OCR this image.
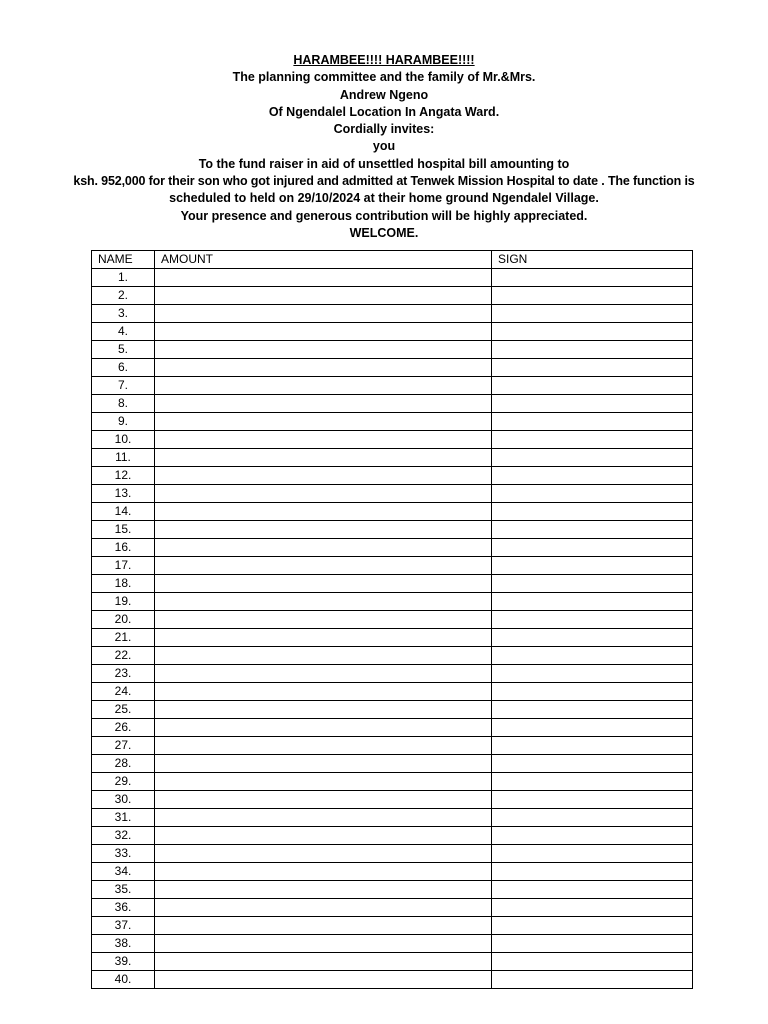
HARAMBEE!!!! HARAMBEE!!!!
The planning committee and the family of Mr.&Mrs.
Andrew Ngeno
Of Ngendalel Location In Angata Ward.
Cordially invites:
you
To the fund raiser in aid of unsettled hospital bill amounting to
ksh. 952,000 for their son who got injured and admitted at Tenwek Mission Hospital to date . The function is
scheduled to held on 29/10/2024 at their home ground Ngendalel Village.
Your presence and generous contribution will be highly appreciated.
WELCOME.
NAME	AMOUNT	SIGN
1.		
2.		
3.		
4.		
5.		
6.		
7.		
8.		
9.		
10.		
11.		
12.		
13.		
14.		
15.		
16.		
17.		
18.		
19.		
20.		
21.		
22.		
23.		
24.		
25.		
26.		
27.		
28.		
29.		
30.		
31.		
32.		
33.		
34.		
35.		
36.		
37.		
38.		
39.		
40.		
